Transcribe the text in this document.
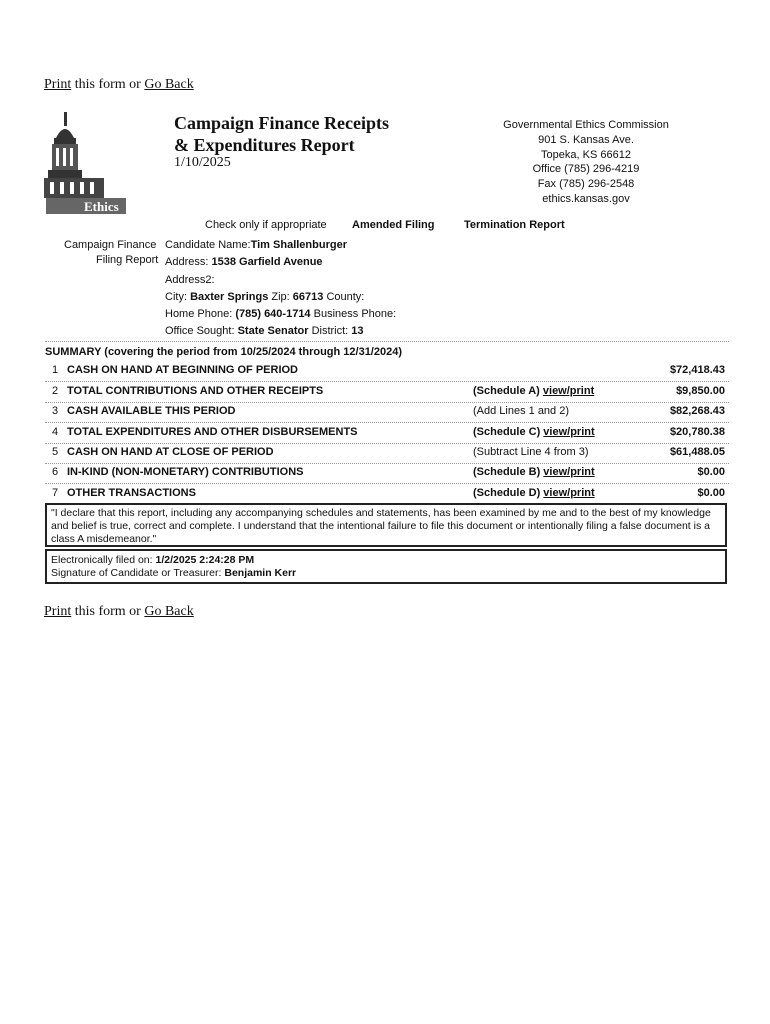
Print this form or Go Back
Ethics
Campaign Finance Receipts
& Expenditures Report
1/10/2025
Governmental Ethics Commission
901 S. Kansas Ave.
Topeka, KS 66612
Office (785) 296-4219
Fax (785) 296-2548
ethics.kansas.gov
Check only if appropriate Amended Filing	Termination Report
Campaign Finance
Filing Report
Candidate Name:Tim Shallenburger
Address: 1538 Garfield Avenue
Address2:
City: Baxter Springs Zip: 66713 County:
Home Phone: (785) 640-1714 Business Phone:
Office Sought: State Senator District: 13
SUMMARY (covering the period from 10/25/2024 through 12/31/2024)
1 CASH ON HAND AT BEGINNING OF PERIOD	$72,418.43
2 TOTAL CONTRIBUTIONS AND OTHER RECEIPTS	(Schedule A) view/print	$9,850.00
3 CASH AVAILABLE THIS PERIOD	(Add Lines 1 and 2)	$82,268.43
4 TOTAL EXPENDITURES AND OTHER DISBURSEMENTS	(Schedule C) view/print	$20,780.38
5 CASH ON HAND AT CLOSE OF PERIOD	(Subtract Line 4 from 3)	$61,488.05
6 IN-KIND (NON-MONETARY) CONTRIBUTIONS	(Schedule B) view/print	$0.00
7 OTHER TRANSACTIONS	(Schedule D) view/print	$0.00
"I declare that this report, including any accompanying schedules and statements, has been examined by me and to the best of my knowledge and belief is true, correct and complete. I understand that the intentional failure to file this document or intentionally filing a false document is a class A misdemeanor."
Electronically filed on: 1/2/2025 2:24:28 PM
Signature of Candidate or Treasurer: Benjamin Kerr
Print this form or Go Back
